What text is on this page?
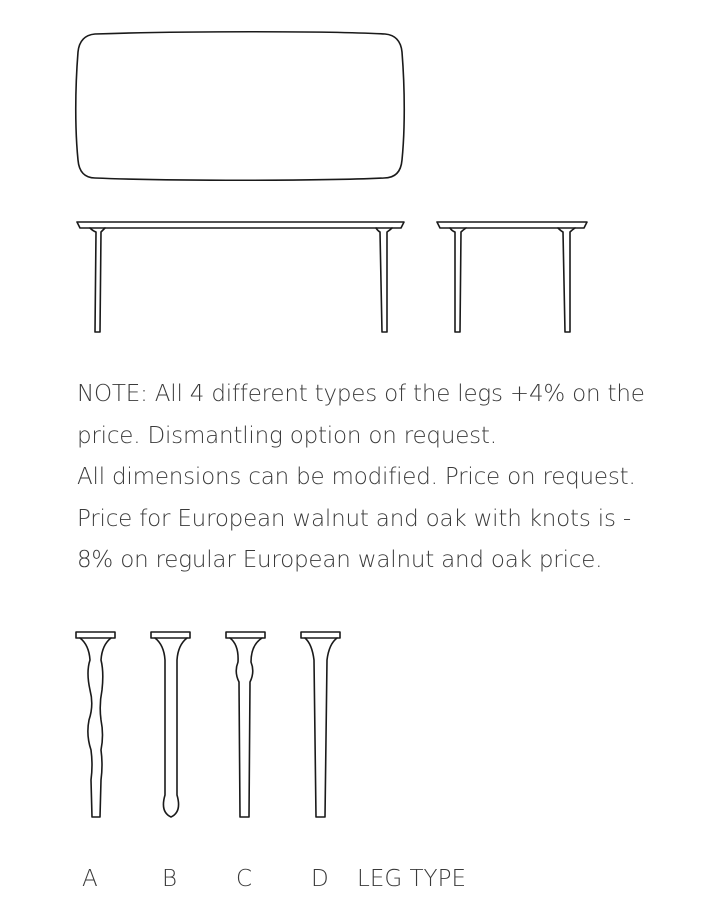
NOTE: All 4 different types of the legs +4% on the

price. Dismantling option on request.

All dimensions can be modified. Price on request.

Price for European walnut and oak with knots is -

8% on regular European walnut and oak price.

A	B	C	D LEG TYPE
